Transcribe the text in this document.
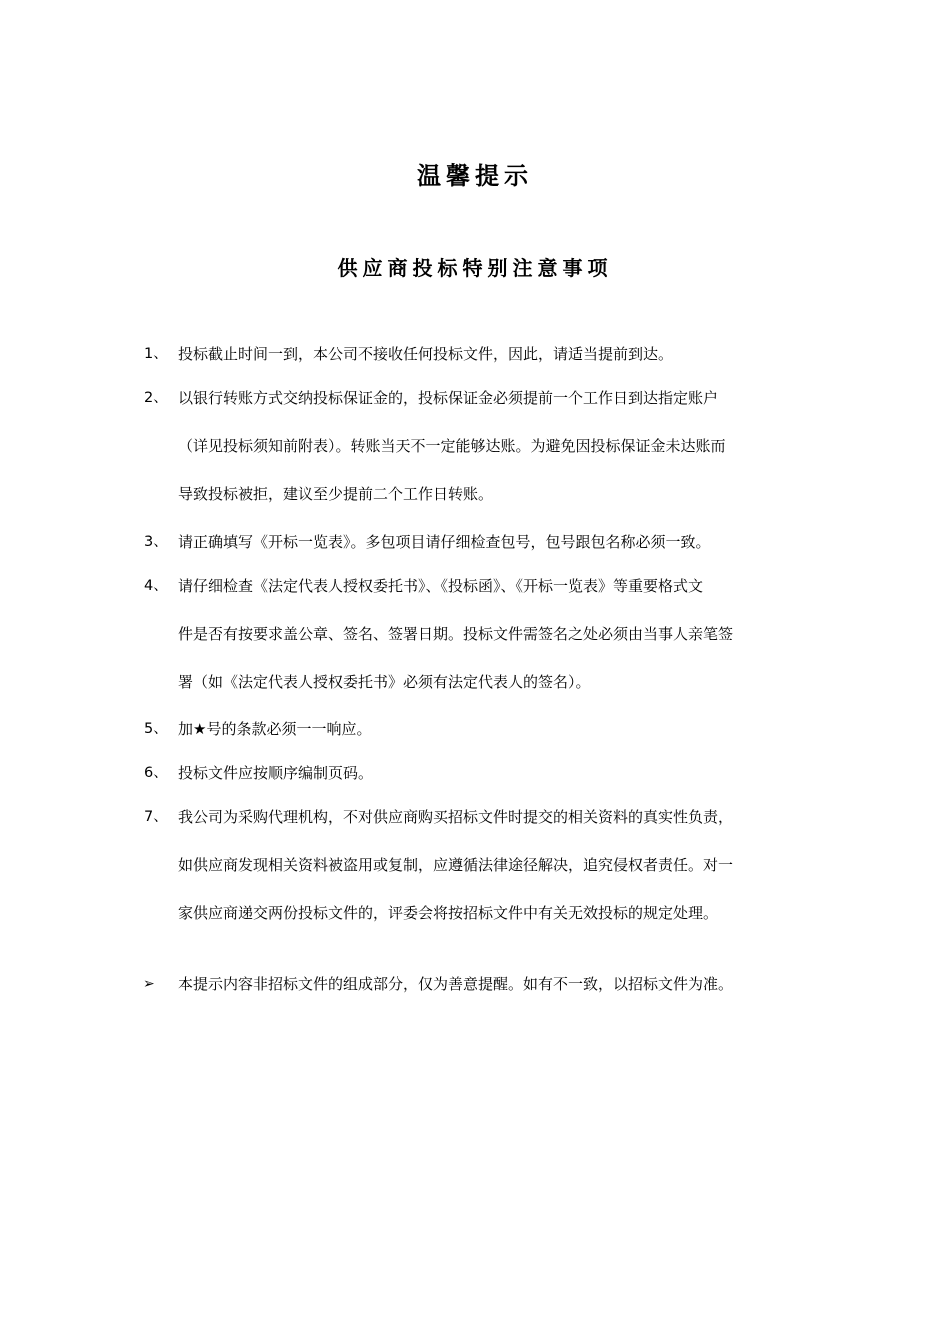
温馨提示
供应商投标特别注意事项
1、 投标截止时间一到，本公司不接收任何投标文件，因此，请适当提前到达。
2、 以银行转账方式交纳投标保证金的，投标保证金必须提前一个工作日到达指定账户
（详见投标须知前附表）。转账当天不一定能够达账。为避免因投标保证金未达账而
导致投标被拒，建议至少提前二个工作日转账。
3、 请正确填写《开标一览表》。多包项目请仔细检查包号，包号跟包名称必须一致。
4、 请仔细检查《法定代表人授权委托书》、《投标函》、《开标一览表》等重要格式文
件是否有按要求盖公章、签名、签署日期。投标文件需签名之处必须由当事人亲笔签
署（如《法定代表人授权委托书》必须有法定代表人的签名）。
5、 加★号的条款必须一一响应。
6、 投标文件应按顺序编制页码。
7、 我公司为采购代理机构，不对供应商购买招标文件时提交的相关资料的真实性负责，
如供应商发现相关资料被盗用或复制，应遵循法律途径解决，追究侵权者责任。对一
家供应商递交两份投标文件的，评委会将按招标文件中有关无效投标的规定处理。
➢ 本提示内容非招标文件的组成部分，仅为善意提醒。如有不一致，以招标文件为准。
